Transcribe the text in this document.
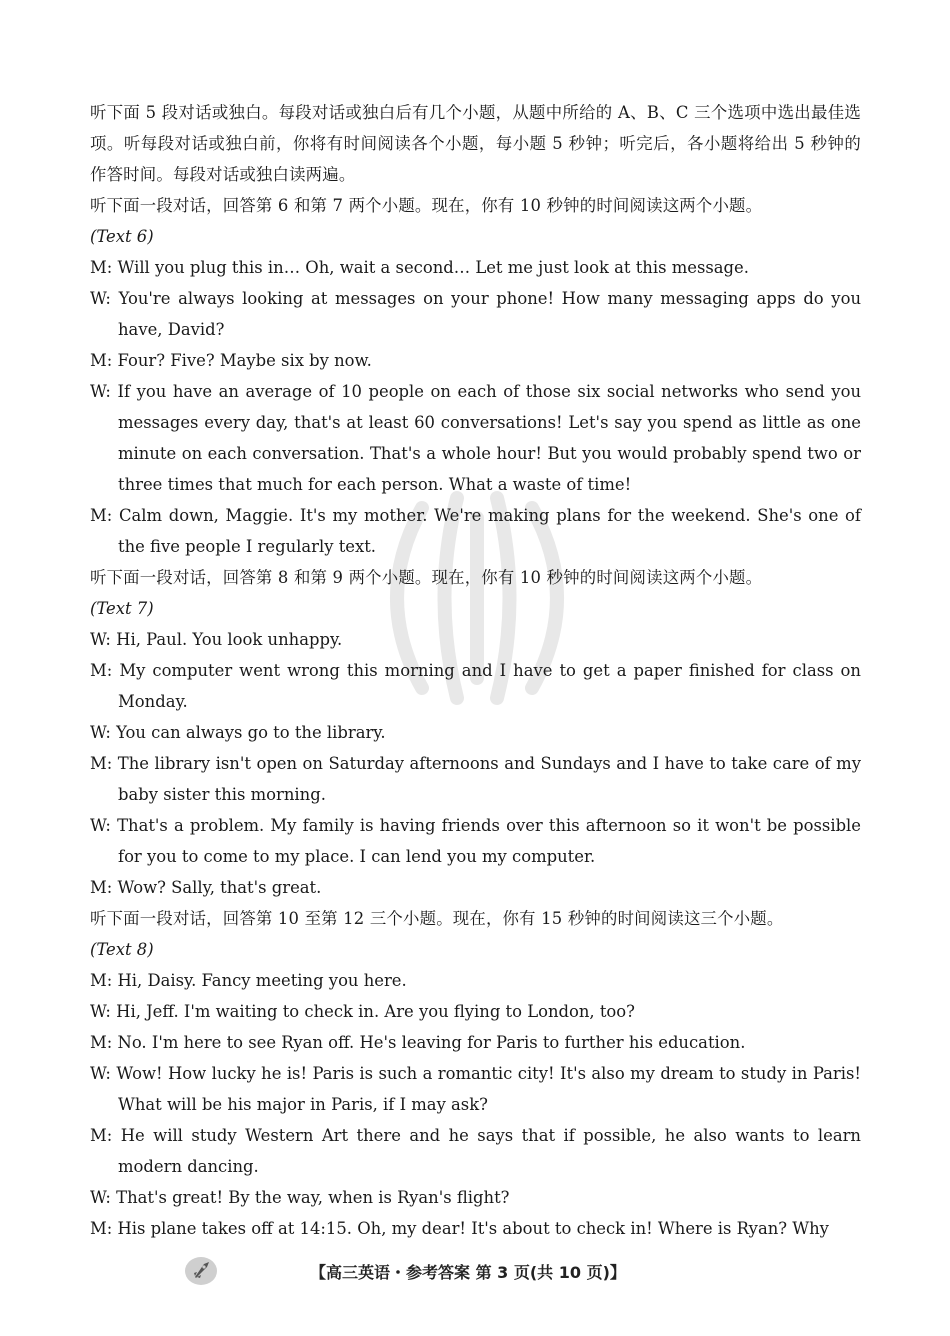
听下面 5 段对话或独白。每段对话或独白后有几个小题，从题中所给的 A、B、C 三个选项中选出最佳选项。听每段对话或独白前，你将有时间阅读各个小题，每小题 5 秒钟；听完后，各小题将给出 5 秒钟的作答时间。每段对话或独白读两遍。

听下面一段对话，回答第 6 和第 7 两个小题。现在，你有 10 秒钟的时间阅读这两个小题。

(Text 6)

M: Will you plug this in… Oh, wait a second… Let me just look at this message.

W: You're always looking at messages on your phone! How many messaging apps do you have, David?

M: Four? Five? Maybe six by now.

W: If you have an average of 10 people on each of those six social networks who send you messages every day, that's at least 60 conversations! Let's say you spend as little as one minute on each conversation. That's a whole hour! But you would probably spend two or three times that much for each person. What a waste of time!

M: Calm down, Maggie. It's my mother. We're making plans for the weekend. She's one of the five people I regularly text.

听下面一段对话，回答第 8 和第 9 两个小题。现在，你有 10 秒钟的时间阅读这两个小题。

(Text 7)

W: Hi, Paul. You look unhappy.

M: My computer went wrong this morning and I have to get a paper finished for class on Monday.

W: You can always go to the library.

M: The library isn't open on Saturday afternoons and Sundays and I have to take care of my baby sister this morning.

W: That's a problem. My family is having friends over this afternoon so it won't be possible for you to come to my place. I can lend you my computer.

M: Wow? Sally, that's great.

听下面一段对话，回答第 10 至第 12 三个小题。现在，你有 15 秒钟的时间阅读这三个小题。

(Text 8)

M: Hi, Daisy. Fancy meeting you here.

W: Hi, Jeff. I'm waiting to check in. Are you flying to London, too?

M: No. I'm here to see Ryan off. He's leaving for Paris to further his education.

W: Wow! How lucky he is! Paris is such a romantic city! It's also my dream to study in Paris! What will be his major in Paris, if I may ask?

M: He will study Western Art there and he says that if possible, he also wants to learn modern dancing.

W: That's great! By the way, when is Ryan's flight?

M: His plane takes off at 14:15. Oh, my dear! It's about to check in! Where is Ryan? Why

【高三英语・参考答案 第 3 页(共 10 页)】
